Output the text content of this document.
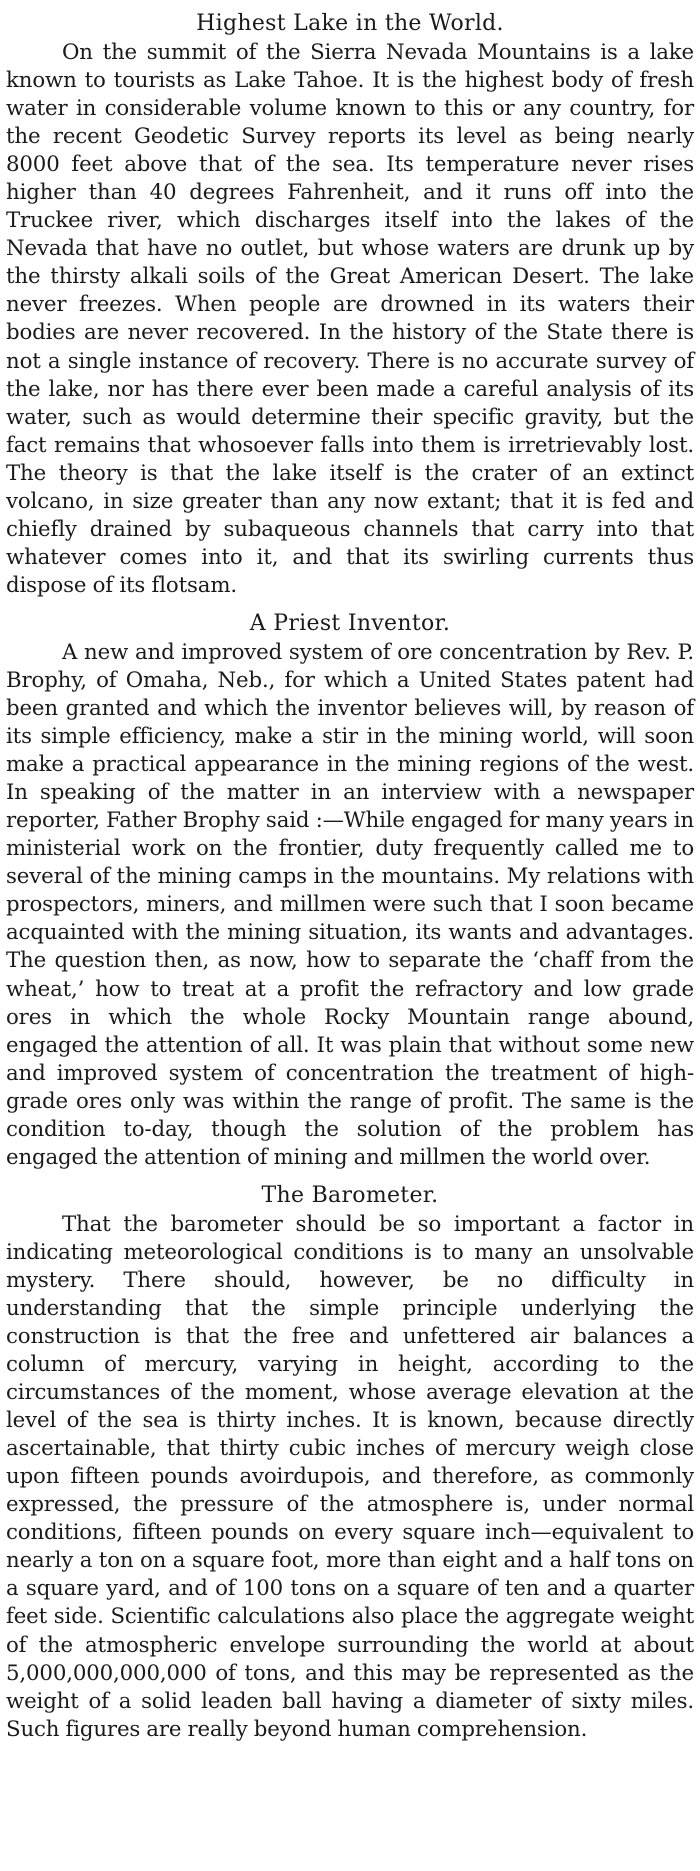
Highest Lake in the World.

On the summit of the Sierra Nevada Mountains is a lake known to tourists as Lake Tahoe. It is the highest body of fresh water in considerable volume known to this or any country, for the recent Geodetic Survey reports its level as being nearly 8000 feet above that of the sea. Its temperature never rises higher than 40 degrees Fahrenheit, and it runs off into the Truckee river, which discharges itself into the lakes of the Nevada that have no outlet, but whose waters are drunk up by the thirsty alkali soils of the Great American Desert. The lake never freezes. When people are drowned in its waters their bodies are never recovered. In the history of the State there is not a single instance of recovery. There is no accurate survey of the lake, nor has there ever been made a careful analysis of its water, such as would determine their specific gravity, but the fact remains that whosoever falls into them is irretrievably lost. The theory is that the lake itself is the crater of an extinct volcano, in size greater than any now extant; that it is fed and chiefly drained by subaqueous channels that carry into that whatever comes into it, and that its swirling currents thus dispose of its flotsam.

A Priest Inventor.

A new and improved system of ore concentration by Rev. P. Brophy, of Omaha, Neb., for which a United States patent had been granted and which the inventor believes will, by reason of its simple efficiency, make a stir in the mining world, will soon make a practical appearance in the mining regions of the west. In speaking of the matter in an interview with a newspaper reporter, Father Brophy said :—While engaged for many years in ministerial work on the frontier, duty frequently called me to several of the mining camps in the mountains. My relations with prospectors, miners, and millmen were such that I soon became acquainted with the mining situation, its wants and advantages. The question then, as now, how to separate the ‘chaff from the wheat,’ how to treat at a profit the refractory and low grade ores in which the whole Rocky Mountain range abound, engaged the attention of all. It was plain that without some new and improved system of concentration the treatment of high-grade ores only was within the range of profit. The same is the condition to-day, though the solution of the problem has engaged the attention of mining and millmen the world over.

The Barometer.

That the barometer should be so important a factor in indicating meteorological conditions is to many an unsolvable mystery. There should, however, be no difficulty in understanding that the simple principle underlying the construction is that the free and unfettered air balances a column of mercury, varying in height, according to the circumstances of the moment, whose average elevation at the level of the sea is thirty inches. It is known, because directly ascertainable, that thirty cubic inches of mercury weigh close upon fifteen pounds avoirdupois, and therefore, as commonly expressed, the pressure of the atmosphere is, under normal conditions, fifteen pounds on every square inch—equivalent to nearly a ton on a square foot, more than eight and a half tons on a square yard, and of 100 tons on a square of ten and a quarter feet side. Scientific calculations also place the aggregate weight of the atmospheric envelope surrounding the world at about 5,000,000,000,000 of tons, and this may be represented as the weight of a solid leaden ball having a diameter of sixty miles. Such figures are really beyond human comprehension.
